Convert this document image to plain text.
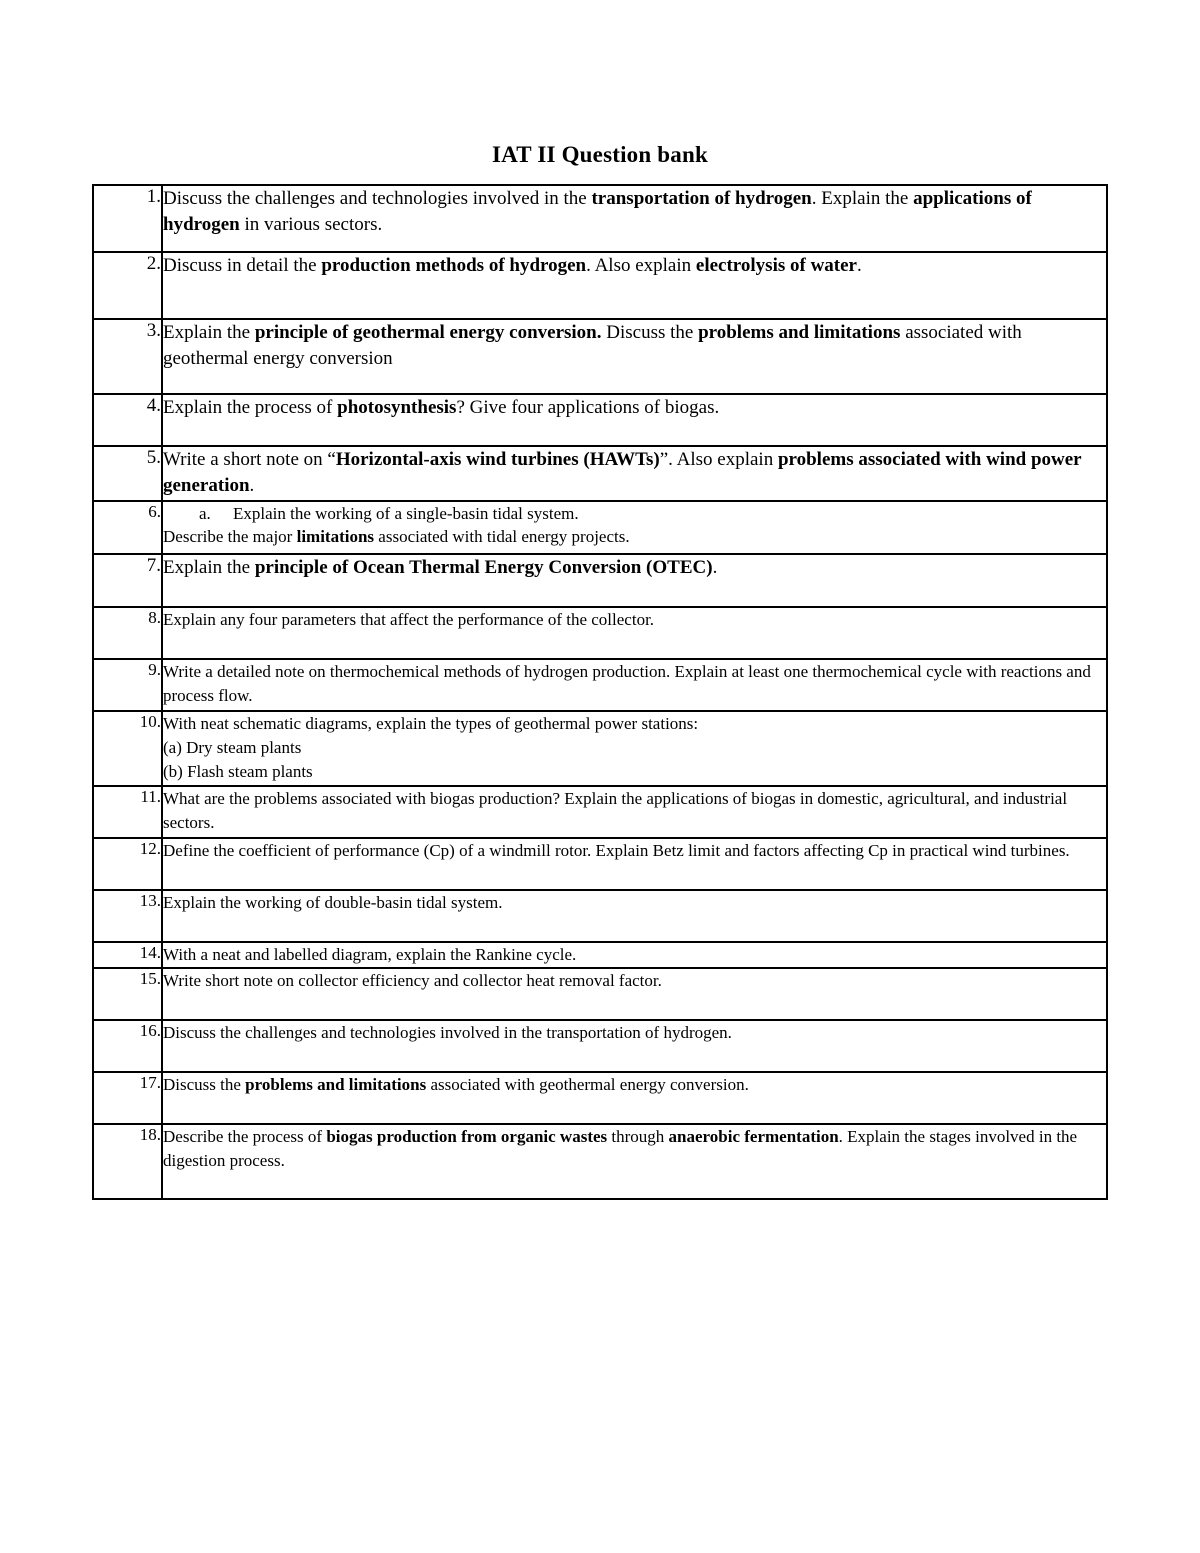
IAT II Question bank
1.	Discuss the challenges and technologies involved in the transportation of hydrogen. Explain the applications of hydrogen in various sectors.
2.	Discuss in detail the production methods of hydrogen. Also explain electrolysis of water.
3.	Explain the principle of geothermal energy conversion. Discuss the problems and limitations associated with geothermal energy conversion
4.	Explain the process of photosynthesis? Give four applications of biogas.
5.	Write a short note on “Horizontal-axis wind turbines (HAWTs)”. Also explain problems associated with wind power generation.
6.	a. Explain the working of a single-basin tidal system.
Describe the major limitations associated with tidal energy projects.

7.	Explain the principle of Ocean Thermal Energy Conversion (OTEC).
8.	Explain any four parameters that affect the performance of the collector.
9.	Write a detailed note on thermochemical methods of hydrogen production. Explain at least one thermochemical cycle with reactions and process flow.
10.	With neat schematic diagrams, explain the types of geothermal power stations:
(a) Dry steam plants
(b) Flash steam plants

11.	What are the problems associated with biogas production? Explain the applications of biogas in domestic, agricultural, and industrial sectors.
12.	Define the coefficient of performance (Cp) of a windmill rotor. Explain Betz limit and factors affecting Cp in practical wind turbines.
13.	Explain the working of double-basin tidal system.
14.	With a neat and labelled diagram, explain the Rankine cycle.
15.	Write short note on collector efficiency and collector heat removal factor.
16.	Discuss the challenges and technologies involved in the transportation of hydrogen.
17.	Discuss the problems and limitations associated with geothermal energy conversion.
18.	Describe the process of biogas production from organic wastes through anaerobic fermentation. Explain the stages involved in the digestion process.
